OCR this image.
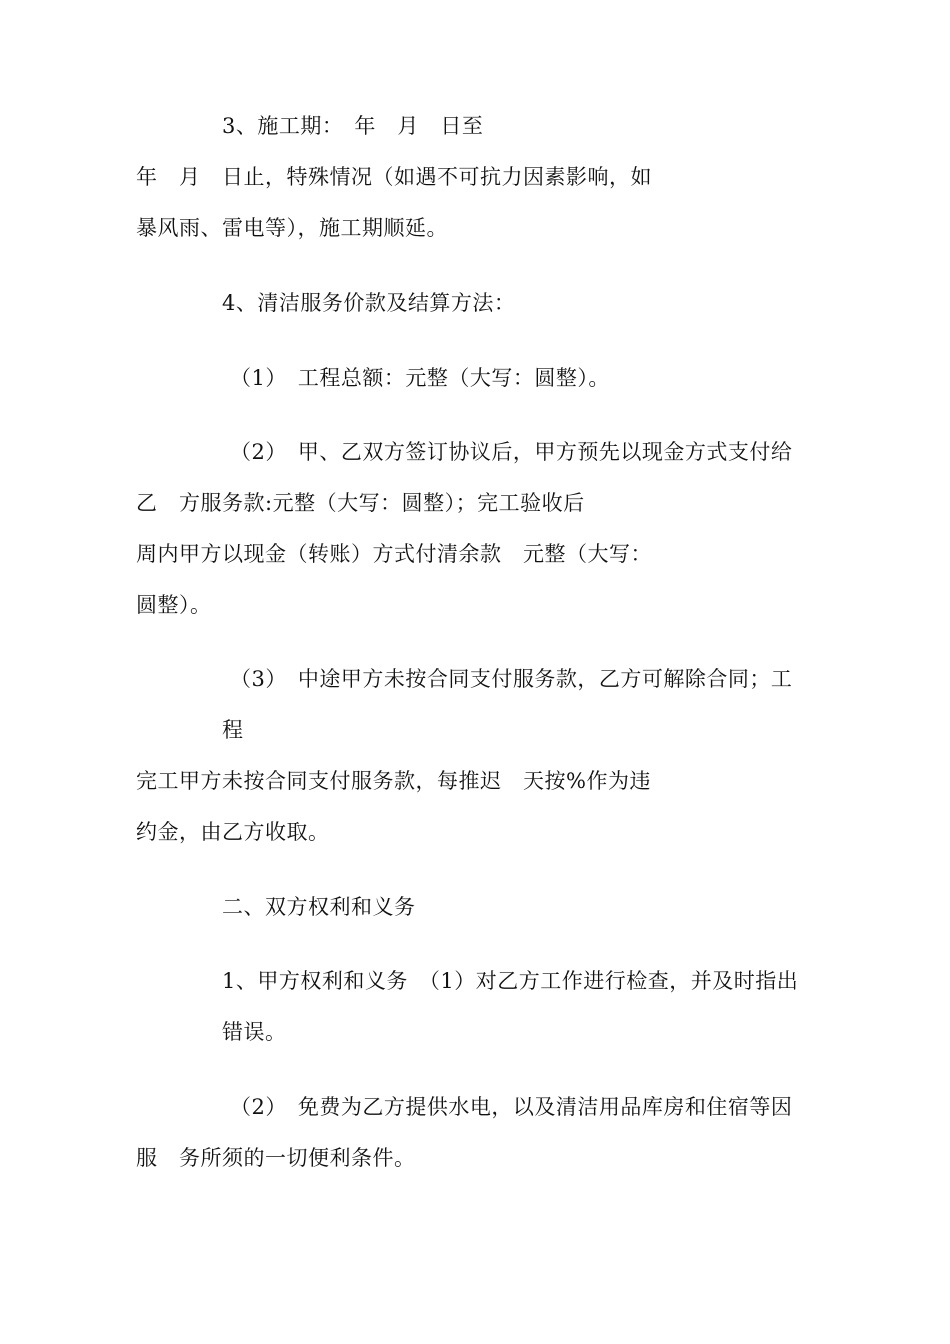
3、施工期：　年　月　日至
年　月　日止，特殊情况（如遇不可抗力因素影响，如
暴风雨、雷电等），施工期顺延。
4、清洁服务价款及结算方法：
（1）　工程总额：元整（大写：圆整）。
（2）　甲、乙双方签订协议后，甲方预先以现金方式支付给
乙　方服务款:元整（大写：圆整）；完工验收后
周内甲方以现金（转账）方式付清余款　元整（大写：
圆整）。
（3）　中途甲方未按合同支付服务款，乙方可解除合同；工
程
完工甲方未按合同支付服务款，每推迟　天按%作为违
约金，由乙方收取。
二、双方权利和义务
1、甲方权利和义务　（1）对乙方工作进行检查，并及时指出
错误。
（2）　免费为乙方提供水电，以及清洁用品库房和住宿等因
服　务所须的一切便利条件。
